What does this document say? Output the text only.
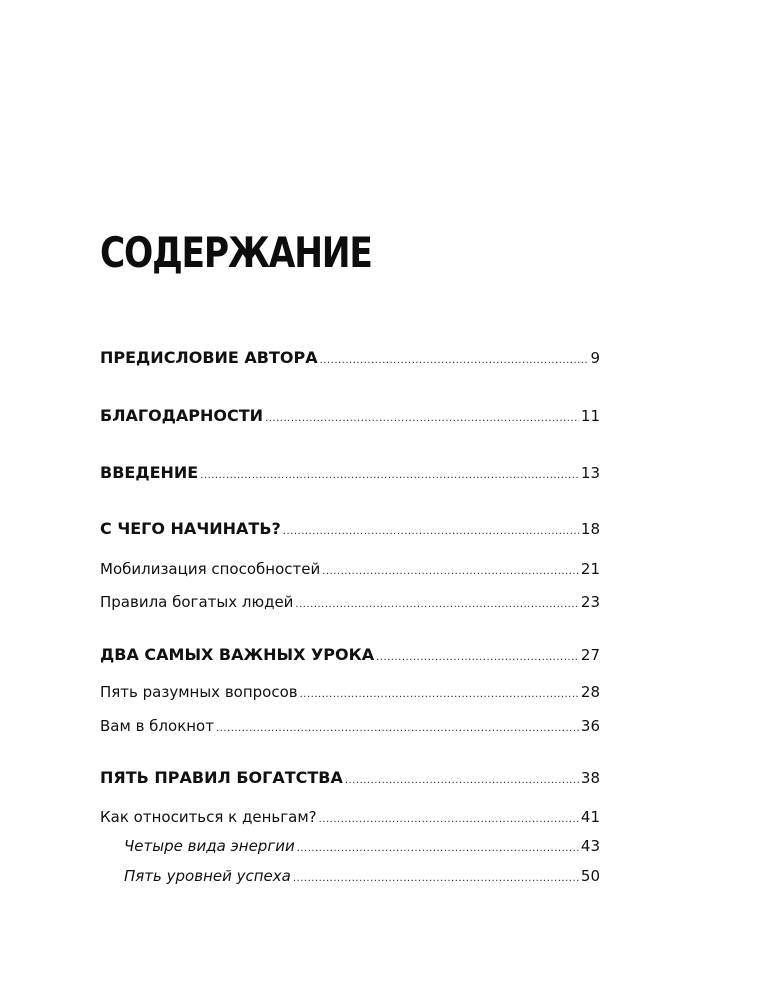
СОДЕРЖАНИЕ
ПРЕДИСЛОВИЕ АВТОРА .....	9
БЛАГОДАРНОСТИ .....	11
ВВЕДЕНИЕ .....	13
С ЧЕГО НАЧИНАТЬ? .....	18
Мобилизация способностей .....	21
Правила богатых людей .....	23
ДВА САМЫХ ВАЖНЫХ УРОКА .....	27
Пять разумных вопросов .....	28
Вам в блокнот .....	36
ПЯТЬ ПРАВИЛ БОГАТСТВА .....	38
Как относиться к деньгам? .....	41
Четыре вида энергии .....	43
Пять уровней успеха .....	50
